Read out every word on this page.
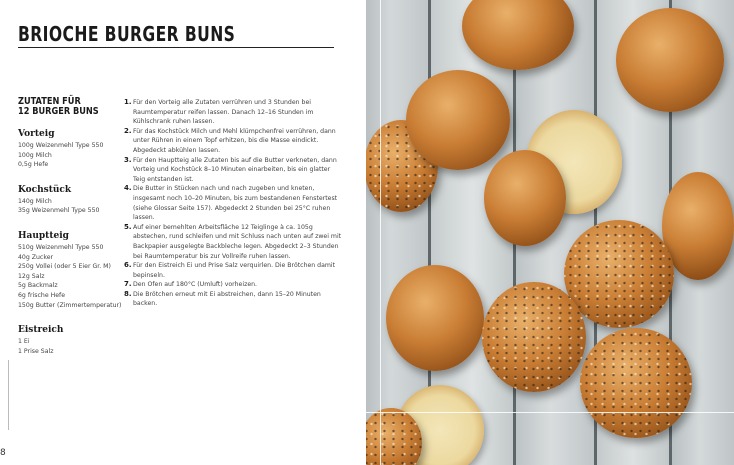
BRIOCHE BURGER BUNS
ZUTATEN FÜR
12 BURGER BUNS
Vorteig
100g Weizenmehl Type 550
100g Milch
0,5g Hefe
Kochstück
140g Milch
35g Weizenmehl Type 550
Hauptteig
510g Weizenmehl Type 550
40g Zucker
250g Vollei (oder 5 Eier Gr. M)
12g Salz
5g Backmalz
6g frische Hefe
150g Butter (Zimmertemperatur)
Eistreich
1 Ei
1 Prise Salz
1. Für den Vorteig alle Zutaten verrühren und 3 Stunden bei Raumtemperatur reifen lassen. Danach 12–16 Stunden im Kühlschrank ruhen lassen.
2. Für das Kochstück Milch und Mehl klümpchenfrei verrühren, dann unter Rühren in einem Topf erhitzen, bis die Masse eindickt. Abgedeckt abkühlen lassen.
3. Für den Hauptteig alle Zutaten bis auf die Butter verkneten, dann Vorteig und Kochstück 8–10 Minuten einarbeiten, bis ein glatter Teig entstanden ist.
4. Die Butter in Stücken nach und nach zugeben und kneten, insgesamt noch 10–20 Minuten, bis zum bestandenen Fenstertest (siehe Glossar Seite 157). Abgedeckt 2 Stunden bei 25°C ruhen lassen.
5. Auf einer bemehlten Arbeitsfläche 12 Teiglinge à ca. 105g abstechen, rund schleifen und mit Schluss nach unten auf zwei mit Backpapier ausgelegte Backbleche legen. Abgedeckt 2–3 Stunden bei Raumtemperatur bis zur Vollreife ruhen lassen.
6. Für den Eistreich Ei und Prise Salz verquirlen. Die Brötchen damit bepinseln.
7. Den Ofen auf 180°C (Umluft) vorheizen.
8. Die Brötchen erneut mit Ei abstreichen, dann 15–20 Minuten backen.
8
